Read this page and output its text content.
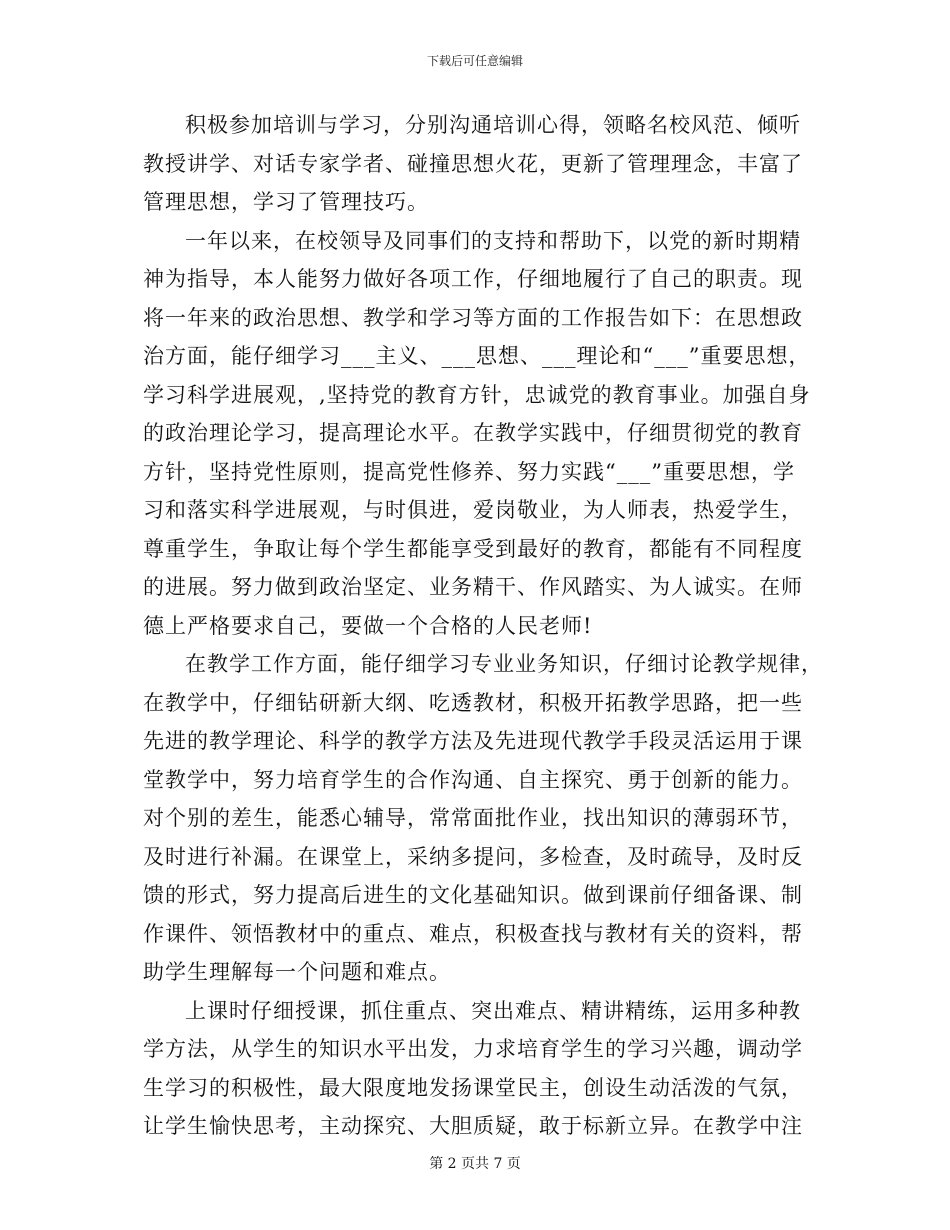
下载后可任意编辑
积极参加培训与学习，分别沟通培训心得，领略名校风范、倾听
教授讲学、对话专家学者、碰撞思想火花，更新了管理理念，丰富了
管理思想，学习了管理技巧。
一年以来，在校领导及同事们的支持和帮助下，以党的新时期精
神为指导，本人能努力做好各项工作，仔细地履行了自己的职责。现
将一年来的政治思想、教学和学习等方面的工作报告如下：在思想政
治方面，能仔细学习___主义、___思想、___理论和“___”重要思想，
学习科学进展观，,坚持党的教育方针，忠诚党的教育事业。加强自身
的政治理论学习，提高理论水平。在教学实践中，仔细贯彻党的教育
方针，坚持党性原则，提高党性修养、努力实践“___”重要思想，学
习和落实科学进展观，与时俱进，爱岗敬业，为人师表，热爱学生，
尊重学生，争取让每个学生都能享受到最好的教育，都能有不同程度
的进展。努力做到政治坚定、业务精干、作风踏实、为人诚实。在师
德上严格要求自己，要做一个合格的人民老师!
在教学工作方面，能仔细学习专业业务知识，仔细讨论教学规律，
在教学中，仔细钻研新大纲、吃透教材，积极开拓教学思路，把一些
先进的教学理论、科学的教学方法及先进现代教学手段灵活运用于课
堂教学中，努力培育学生的合作沟通、自主探究、勇于创新的能力。
对个别的差生，能悉心辅导，常常面批作业，找出知识的薄弱环节，
及时进行补漏。在课堂上，采纳多提问，多检查，及时疏导，及时反
馈的形式，努力提高后进生的文化基础知识。做到课前仔细备课、制
作课件、领悟教材中的重点、难点，积极查找与教材有关的资料，帮
助学生理解每一个问题和难点。
上课时仔细授课，抓住重点、突出难点、精讲精练，运用多种教
学方法，从学生的知识水平出发，力求培育学生的学习兴趣，调动学
生学习的积极性，最大限度地发扬课堂民主，创设生动活泼的气氛，
让学生愉快思考，主动探究、大胆质疑，敢于标新立异。在教学中注
第 2 页共 7 页
